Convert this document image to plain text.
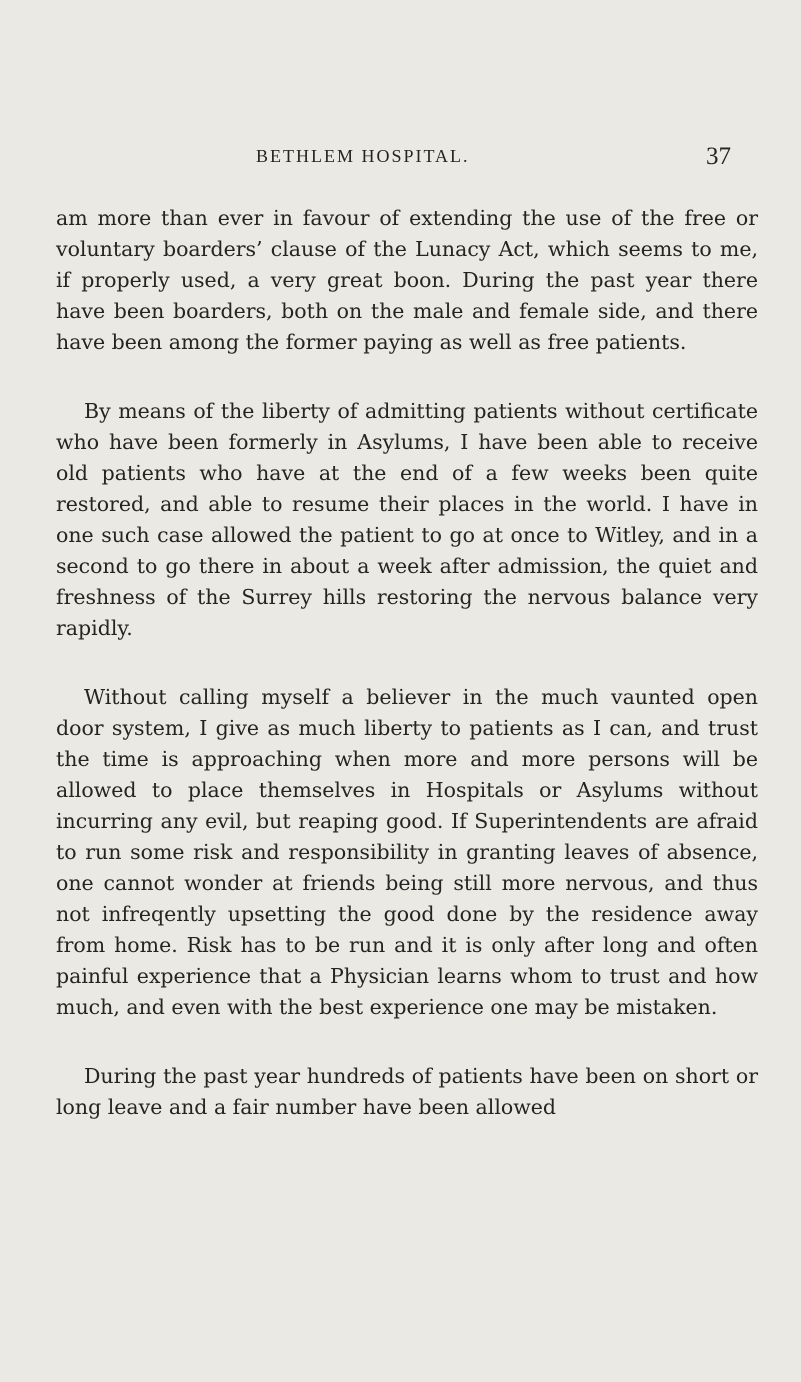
BETHLEM HOSPITAL.	37

am more than ever in favour of extending the use of the free or voluntary boarders’ clause of the Lunacy Act, which seems to me, if properly used, a very great boon. During the past year there have been boarders, both on the male and female side, and there have been among the former paying as well as free patients.

By means of the liberty of admitting patients without certificate who have been formerly in Asylums, I have been able to receive old patients who have at the end of a few weeks been quite restored, and able to resume their places in the world. I have in one such case allowed the patient to go at once to Witley, and in a second to go there in about a week after admission, the quiet and freshness of the Surrey hills restoring the nervous balance very rapidly.

Without calling myself a believer in the much vaunted open door system, I give as much liberty to patients as I can, and trust the time is approaching when more and more persons will be allowed to place themselves in Hospitals or Asylums without incurring any evil, but reaping good. If Superintendents are afraid to run some risk and responsibility in granting leaves of absence, one cannot wonder at friends being still more nervous, and thus not infreqently upsetting the good done by the residence away from home. Risk has to be run and it is only after long and often painful experience that a Physician learns whom to trust and how much, and even with the best experience one may be mistaken.

During the past year hundreds of patients have been on short or long leave and a fair number have been allowed
